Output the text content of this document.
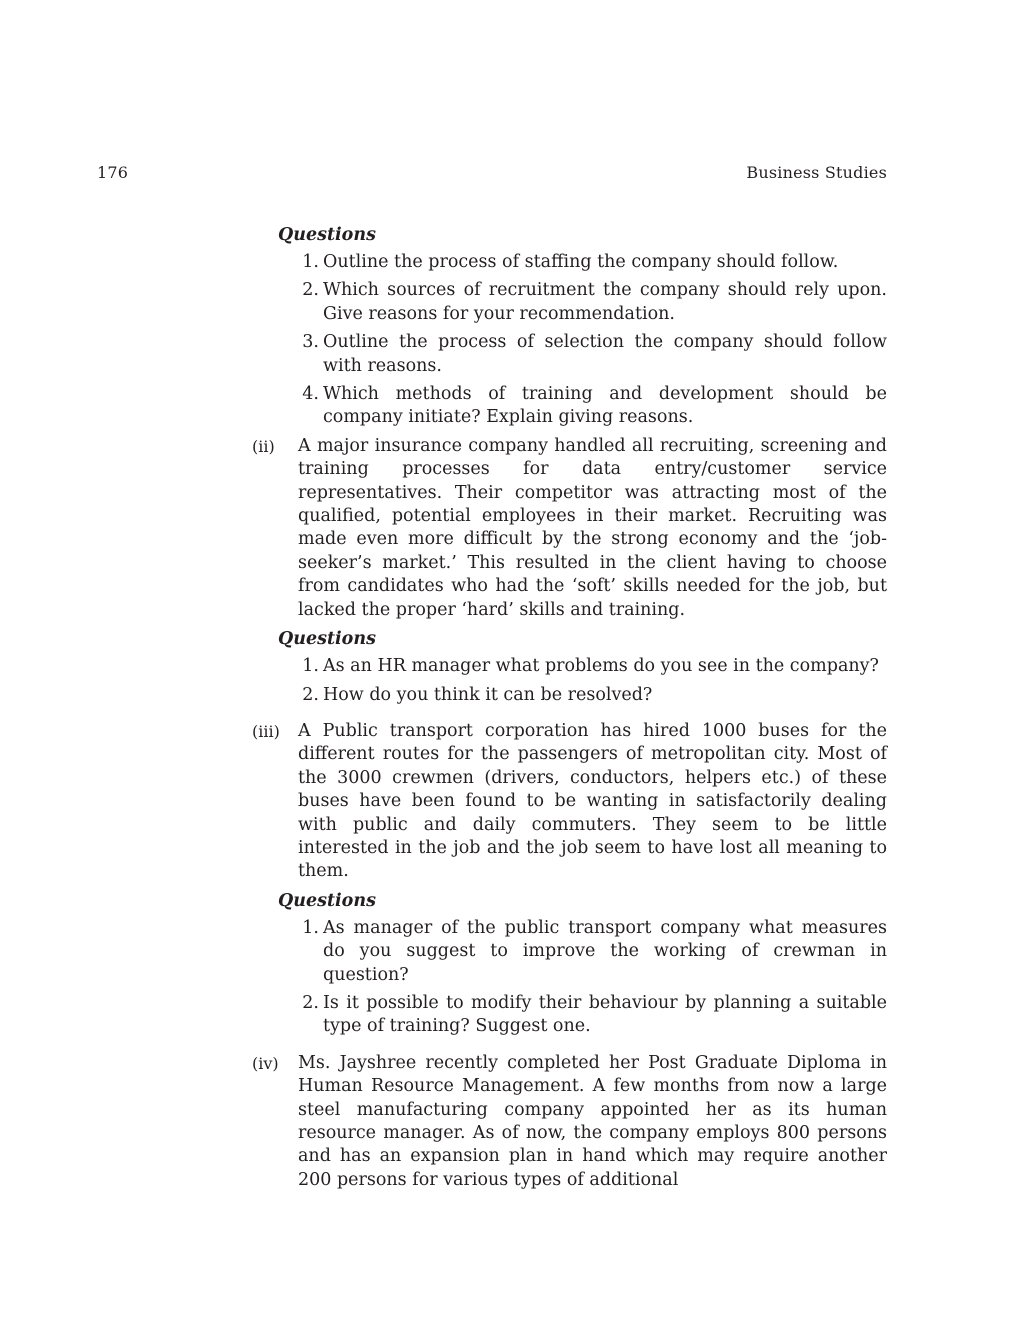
176	Business Studies
Questions
1. Outline the process of staffing the company should follow.
2. Which sources of recruitment the company should rely upon. Give reasons for your recommendation.
3. Outline the process of selection the company should follow with reasons.
4. Which methods of training and development should be company initiate? Explain giving reasons.
(ii)	A major insurance company handled all recruiting, screening and training processes for data entry/customer service representatives. Their competitor was attracting most of the qualified, potential employees in their market. Recruiting was made even more difficult by the strong economy and the ‘job-seeker’s market.’ This resulted in the client having to choose from candidates who had the ‘soft’ skills needed for the job, but lacked the proper ‘hard’ skills and training.
Questions
1. As an HR manager what problems do you see in the company?
2. How do you think it can be resolved?
(iii)	A Public transport corporation has hired 1000 buses for the different routes for the passengers of metropolitan city. Most of the 3000 crewmen (drivers, conductors, helpers etc.) of these buses have been found to be wanting in satisfactorily dealing with public and daily commuters. They seem to be little interested in the job and the job seem to have lost all meaning to them.
Questions
1. As manager of the public transport company what measures do you suggest to improve the working of crewman in question?
2. Is it possible to modify their behaviour by planning a suitable type of training? Suggest one.
(iv)	Ms. Jayshree recently completed her Post Graduate Diploma in Human Resource Management. A few months from now a large steel manufacturing company appointed her as its human resource manager. As of now, the company employs 800 persons and has an expansion plan in hand which may require another 200 persons for various types of additional
